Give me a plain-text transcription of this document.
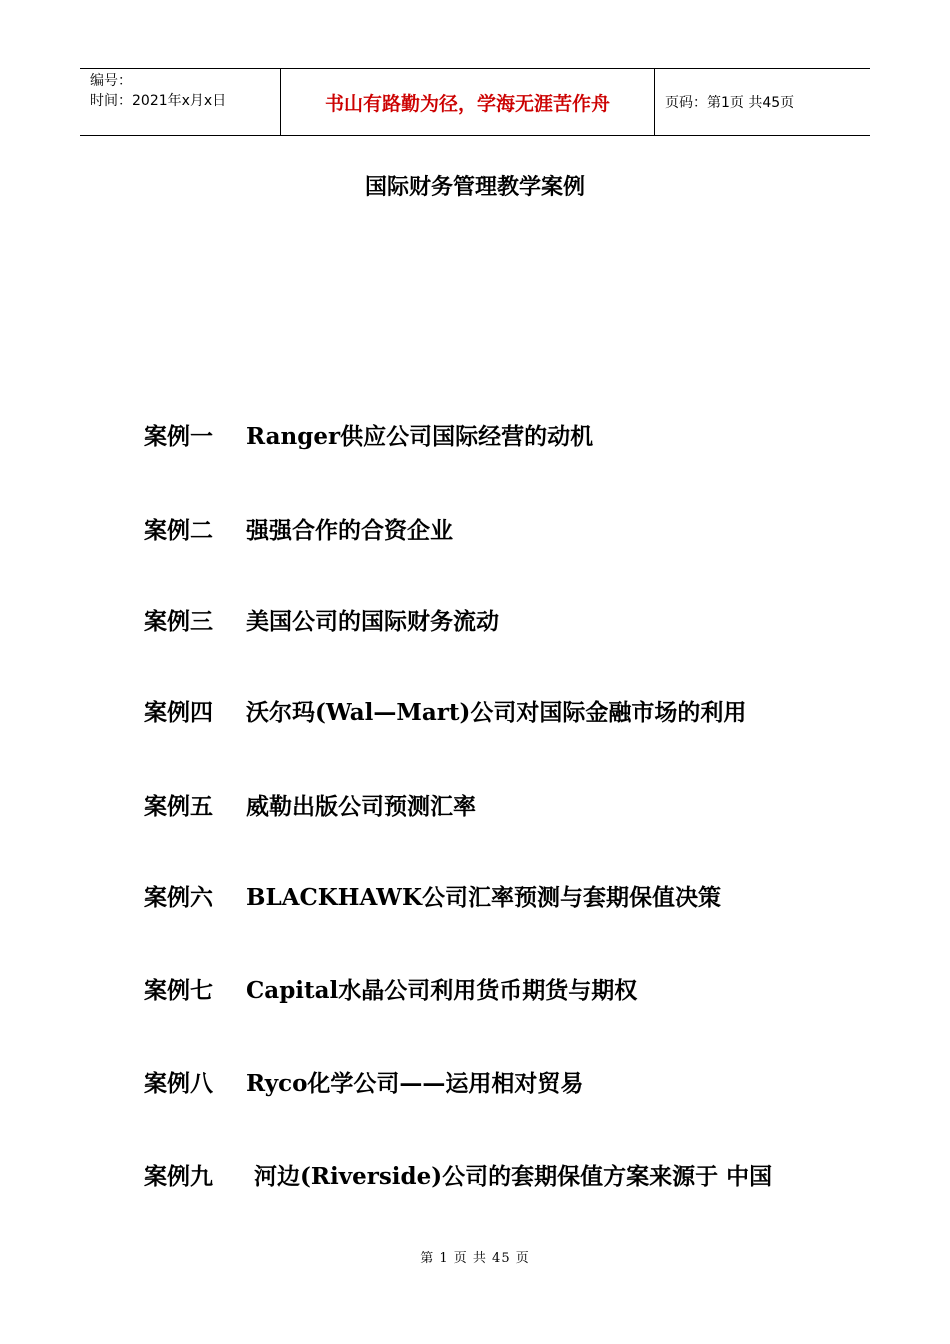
编号：
时间：2021年x月x日	书山有路勤为径，学海无涯苦作舟	页码：第1页 共45页
国际财务管理教学案例
案例一 Ranger供应公司国际经营的动机
案例二 强强合作的合资企业
案例三 美国公司的国际财务流动
案例四 沃尔玛(Wal—Mart)公司对国际金融市场的利用
案例五 威勒出版公司预测汇率
案例六 BLACKHAWK公司汇率预测与套期保值决策
案例七 Capital水晶公司利用货币期货与期权
案例八 Ryco化学公司——运用相对贸易
案例九 河边(Riverside)公司的套期保值方案来源于 中国
第 1 页 共 45 页
